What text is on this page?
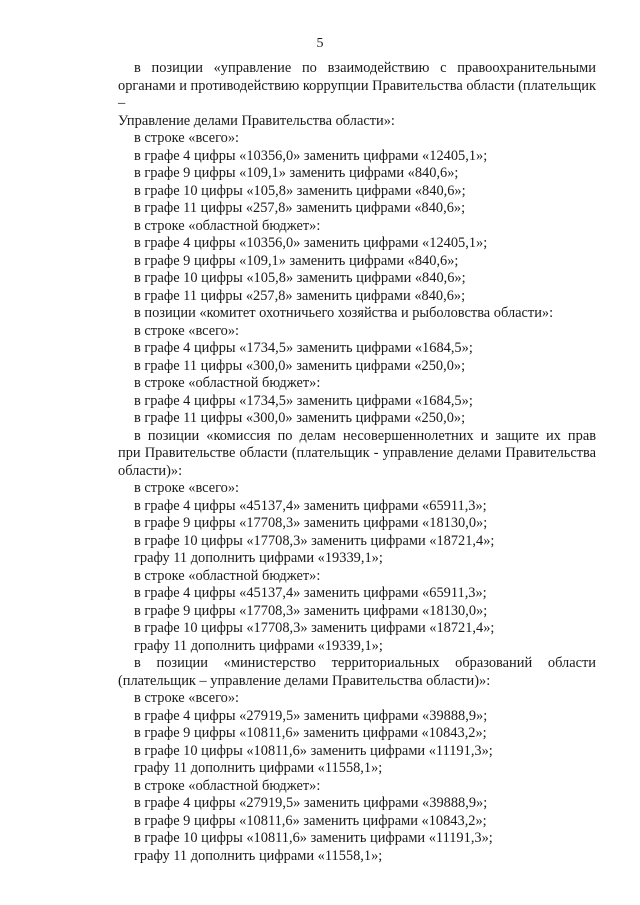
5
в позиции «управление по взаимодействию с правоохранительными
органами и противодействию коррупции Правительства области (плательщик –
Управление делами Правительства области»:
в строке «всего»:
в графе 4 цифры «10356,0» заменить цифрами «12405,1»;
в графе 9 цифры «109,1» заменить цифрами «840,6»;
в графе 10 цифры «105,8» заменить цифрами «840,6»;
в графе 11 цифры «257,8» заменить цифрами «840,6»;
в строке «областной бюджет»:
в графе 4 цифры «10356,0» заменить цифрами «12405,1»;
в графе 9 цифры «109,1» заменить цифрами «840,6»;
в графе 10 цифры «105,8» заменить цифрами «840,6»;
в графе 11 цифры «257,8» заменить цифрами «840,6»;
в позиции «комитет охотничьего хозяйства и рыболовства области»:
в строке «всего»:
в графе 4 цифры «1734,5» заменить цифрами «1684,5»;
в графе 11 цифры «300,0» заменить цифрами «250,0»;
в строке «областной бюджет»:
в графе 4 цифры «1734,5» заменить цифрами «1684,5»;
в графе 11 цифры «300,0» заменить цифрами «250,0»;
в позиции «комиссия по делам несовершеннолетних и защите их прав
при Правительстве области (плательщик - управление делами Правительства
области)»:
в строке «всего»:
в графе 4 цифры «45137,4» заменить цифрами «65911,3»;
в графе 9 цифры «17708,3» заменить цифрами «18130,0»;
в графе 10 цифры «17708,3» заменить цифрами «18721,4»;
графу 11 дополнить цифрами «19339,1»;
в строке «областной бюджет»:
в графе 4 цифры «45137,4» заменить цифрами «65911,3»;
в графе 9 цифры «17708,3» заменить цифрами «18130,0»;
в графе 10 цифры «17708,3» заменить цифрами «18721,4»;
графу 11 дополнить цифрами «19339,1»;
в позиции «министерство территориальных образований области
(плательщик – управление делами Правительства области)»:
в строке «всего»:
в графе 4 цифры «27919,5» заменить цифрами «39888,9»;
в графе 9 цифры «10811,6» заменить цифрами «10843,2»;
в графе 10 цифры «10811,6» заменить цифрами «11191,3»;
графу 11 дополнить цифрами «11558,1»;
в строке «областной бюджет»:
в графе 4 цифры «27919,5» заменить цифрами «39888,9»;
в графе 9 цифры «10811,6» заменить цифрами «10843,2»;
в графе 10 цифры «10811,6» заменить цифрами «11191,3»;
графу 11 дополнить цифрами «11558,1»;
